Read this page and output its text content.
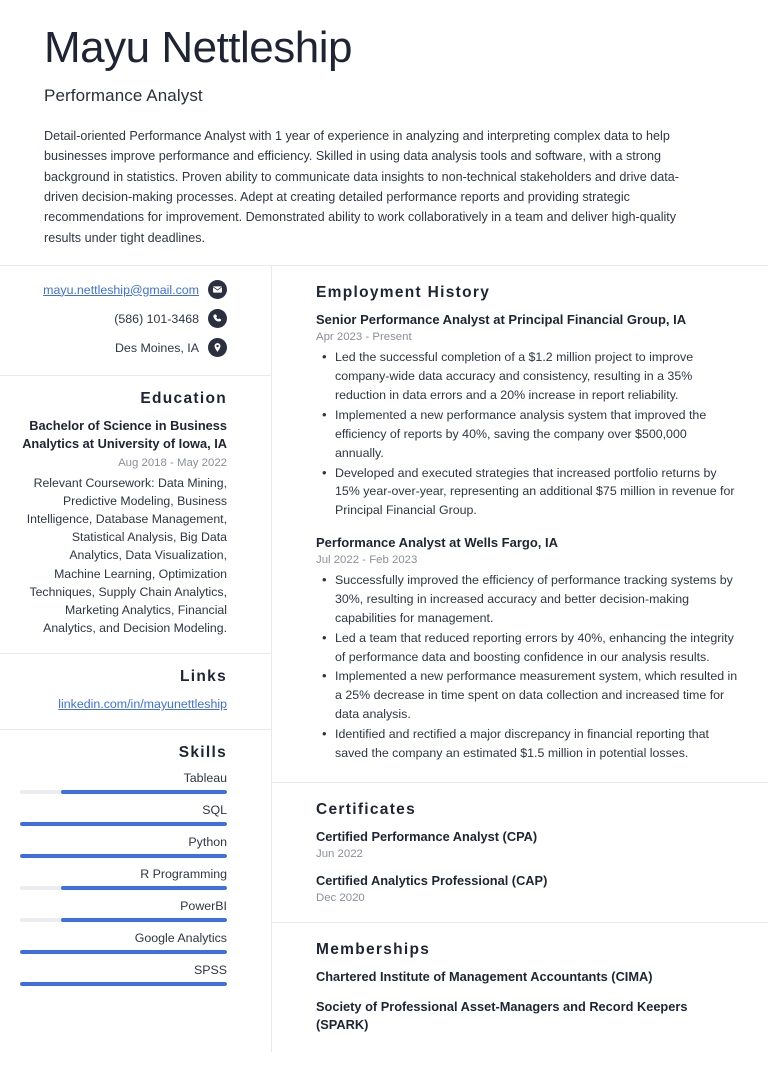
Mayu Nettleship
Performance Analyst
Detail-oriented Performance Analyst with 1 year of experience in analyzing and interpreting complex data to help businesses improve performance and efficiency. Skilled in using data analysis tools and software, with a strong background in statistics. Proven ability to communicate data insights to non-technical stakeholders and drive data-driven decision-making processes. Adept at creating detailed performance reports and providing strategic recommendations for improvement. Demonstrated ability to work collaboratively in a team and deliver high-quality results under tight deadlines.
mayu.nettleship@gmail.com
(586) 101-3468
Des Moines, IA
Education
Bachelor of Science in Business Analytics at University of Iowa, IA
Aug 2018 - May 2022
Relevant Coursework: Data Mining, Predictive Modeling, Business Intelligence, Database Management, Statistical Analysis, Big Data Analytics, Data Visualization, Machine Learning, Optimization Techniques, Supply Chain Analytics, Marketing Analytics, Financial Analytics, and Decision Modeling.
Links
linkedin.com/in/mayunettleship
Skills
Tableau
SQL
Python
R Programming
PowerBI
Google Analytics
SPSS
Employment History
Senior Performance Analyst at Principal Financial Group, IA
Apr 2023 - Present
• Led the successful completion of a $1.2 million project to improve company-wide data accuracy and consistency, resulting in a 35% reduction in data errors and a 20% increase in report reliability.
• Implemented a new performance analysis system that improved the efficiency of reports by 40%, saving the company over $500,000 annually.
• Developed and executed strategies that increased portfolio returns by 15% year-over-year, representing an additional $75 million in revenue for Principal Financial Group.
Performance Analyst at Wells Fargo, IA
Jul 2022 - Feb 2023
• Successfully improved the efficiency of performance tracking systems by 30%, resulting in increased accuracy and better decision-making capabilities for management.
• Led a team that reduced reporting errors by 40%, enhancing the integrity of performance data and boosting confidence in our analysis results.
• Implemented a new performance measurement system, which resulted in a 25% decrease in time spent on data collection and increased time for data analysis.
• Identified and rectified a major discrepancy in financial reporting that saved the company an estimated $1.5 million in potential losses.
Certificates
Certified Performance Analyst (CPA)
Jun 2022
Certified Analytics Professional (CAP)
Dec 2020
Memberships
Chartered Institute of Management Accountants (CIMA)
Society of Professional Asset-Managers and Record Keepers (SPARK)
